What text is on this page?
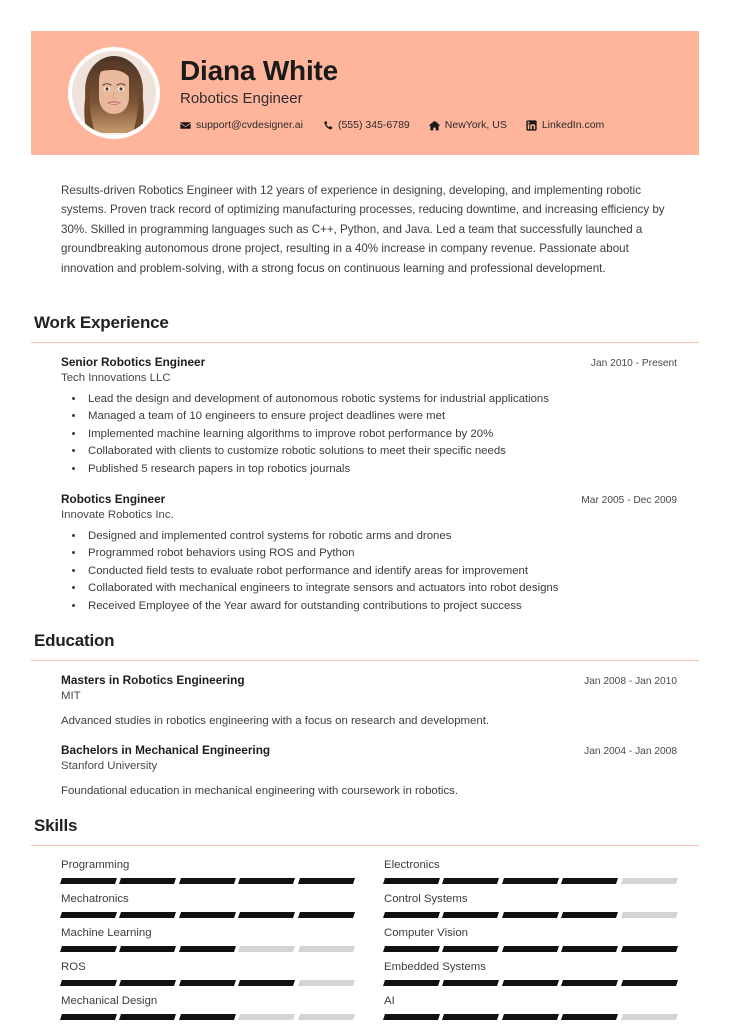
Diana White
Robotics Engineer
support@cvdesigner.ai	(555) 345-6789	NewYork, US	LinkedIn.com
Results-driven Robotics Engineer with 12 years of experience in designing, developing, and implementing robotic systems. Proven track record of optimizing manufacturing processes, reducing downtime, and increasing efficiency by 30%. Skilled in programming languages such as C++, Python, and Java. Led a team that successfully launched a groundbreaking autonomous drone project, resulting in a 40% increase in company revenue. Passionate about innovation and problem-solving, with a strong focus on continuous learning and professional development.
Work Experience
Senior Robotics Engineer	Jan 2010 - Present
Tech Innovations LLC
• Lead the design and development of autonomous robotic systems for industrial applications
• Managed a team of 10 engineers to ensure project deadlines were met
• Implemented machine learning algorithms to improve robot performance by 20%
• Collaborated with clients to customize robotic solutions to meet their specific needs
• Published 5 research papers in top robotics journals
Robotics Engineer	Mar 2005 - Dec 2009
Innovate Robotics Inc.
• Designed and implemented control systems for robotic arms and drones
• Programmed robot behaviors using ROS and Python
• Conducted field tests to evaluate robot performance and identify areas for improvement
• Collaborated with mechanical engineers to integrate sensors and actuators into robot designs
• Received Employee of the Year award for outstanding contributions to project success
Education
Masters in Robotics Engineering	Jan 2008 - Jan 2010
MIT
Advanced studies in robotics engineering with a focus on research and development.
Bachelors in Mechanical Engineering	Jan 2004 - Jan 2008
Stanford University
Foundational education in mechanical engineering with coursework in robotics.
Skills
Programming	Electronics
Mechatronics	Control Systems
Machine Learning	Computer Vision
ROS	Embedded Systems
Mechanical Design	AI
